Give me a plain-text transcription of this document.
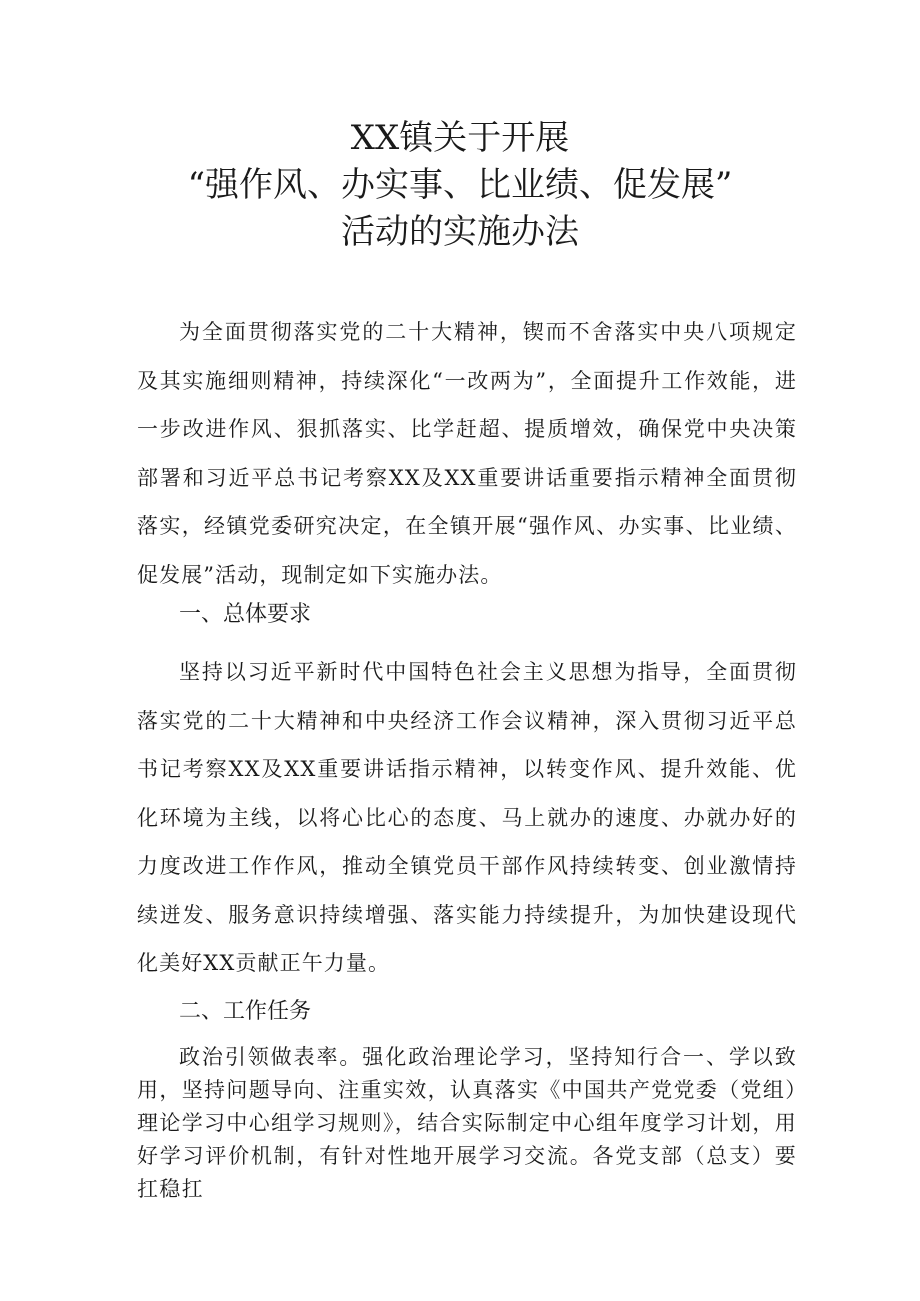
XX镇关于开展
“强作风、办实事、比业绩、促发展”
活动的实施办法

为全面贯彻落实党的二十大精神，锲而不舍落实中央八项规定及其实施细则精神，持续深化“一改两为”，全面提升工作效能，进一步改进作风、狠抓落实、比学赶超、提质增效，确保党中央决策部署和习近平总书记考察XX及XX重要讲话重要指示精神全面贯彻落实，经镇党委研究决定，在全镇开展“强作风、办实事、比业绩、促发展”活动，现制定如下实施办法。

一、总体要求

坚持以习近平新时代中国特色社会主义思想为指导，全面贯彻落实党的二十大精神和中央经济工作会议精神，深入贯彻习近平总书记考察XX及XX重要讲话指示精神，以转变作风、提升效能、优化环境为主线，以将心比心的态度、马上就办的速度、办就办好的力度改进工作作风，推动全镇党员干部作风持续转变、创业激情持续迸发、服务意识持续增强、落实能力持续提升，为加快建设现代化美好XX贡献正午力量。

二、工作任务

政治引领做表率。强化政治理论学习，坚持知行合一、学以致用，坚持问题导向、注重实效，认真落实《中国共产党党委（党组）理论学习中心组学习规则》，结合实际制定中心组年度学习计划，用好学习评价机制，有针对性地开展学习交流。各党支部（总支）要扛稳扛
